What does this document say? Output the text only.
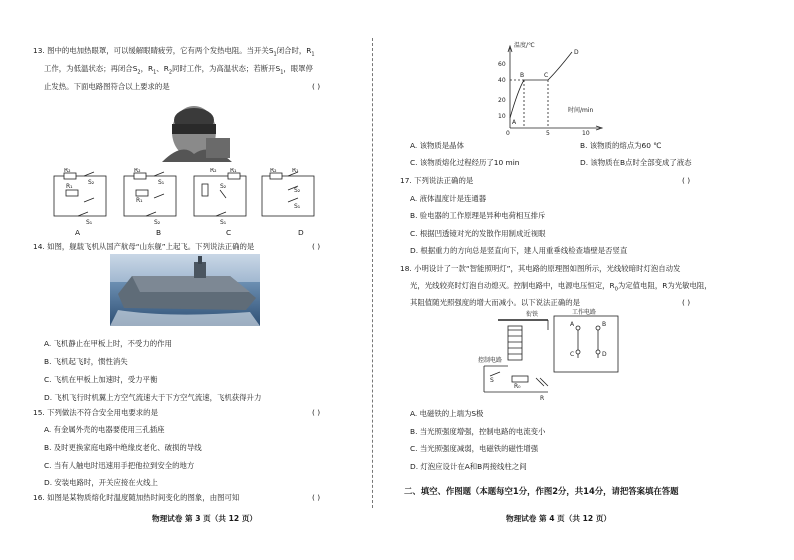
13. 图中的电加热眼罩，可以缓解眼睛疲劳，它有两个发热电阻。当开关$S_1$闭合时，$R_1$
工作，为低温状态；再闭合$S_2$，$R_1$、$R_2$同时工作，为高温状态；若断开$S_1$，眼罩停
止发热。下面电路图符合以上要求的是	( )
R₂
S₂
R₁
S₁
R₂
S₁
R₁
S₂
R₂ R₁
S₂
S₁
R₂	R₁
S₂
S₁
A	B	C	D
14. 如图，舰载飞机从国产航母“山东舰”上起飞。下列说法正确的是	( )
A. 飞机静止在甲板上时，不受力的作用
B. 飞机起飞时，惯性消失
C. 飞机在甲板上加速时，受力平衡
D. 飞机飞行时机翼上方空气流速大于下方空气流速，飞机获得升力
15. 下列做法不符合安全用电要求的是	( )
A. 有金属外壳的电器要使用三孔插座
B. 及时更换家庭电路中绝缘皮老化、破损的导线
C. 当有人触电时迅速用手把他拉到安全的地方
D. 安装电路时，开关应接在火线上
16. 如图是某物质熔化时温度随加热时间变化的图象，由图可知	( )
物理试卷 第 3 页（共 12 页）
温度/℃
时间/min
60
40
20
10
0	5	10
A
B	C
D
A. 该物质是晶体	B. 该物质的熔点为60 ℃
C. 该物质熔化过程经历了10 min	D. 该物质在B点时全部变成了液态
17. 下列说法正确的是	( )
A. 液体温度计是连通器
B. 验电器的工作原理是异种电荷相互排斥
C. 根据凹透镜对光的发散作用制成近视眼
D. 根据重力的方向总是竖直向下，建人用重垂线检查墙壁是否竖直
18. 小明设计了一款“智能照明灯”，其电路的原理图如图所示，光线较暗时灯泡自动发
光，光线较亮时灯泡自动熄灭。控制电路中，电源电压恒定，$R_0$为定值电阻，R为光敏电阻，
其阻值随光照强度的增大而减小。以下说法正确的是	( )
衔铁	工作电路
控制电路
S
R₀
R
A	B
C	D
A. 电磁铁的上端为S极
B. 当光照强度增强，控制电路的电流变小
C. 当光照强度减弱，电磁铁的磁性增强
D. 灯泡应设计在A和B两接线柱之间
二、填空、作图题（本题每空1分，作图2分，共14分，请把答案填在答题
物理试卷 第 4 页（共 12 页）
